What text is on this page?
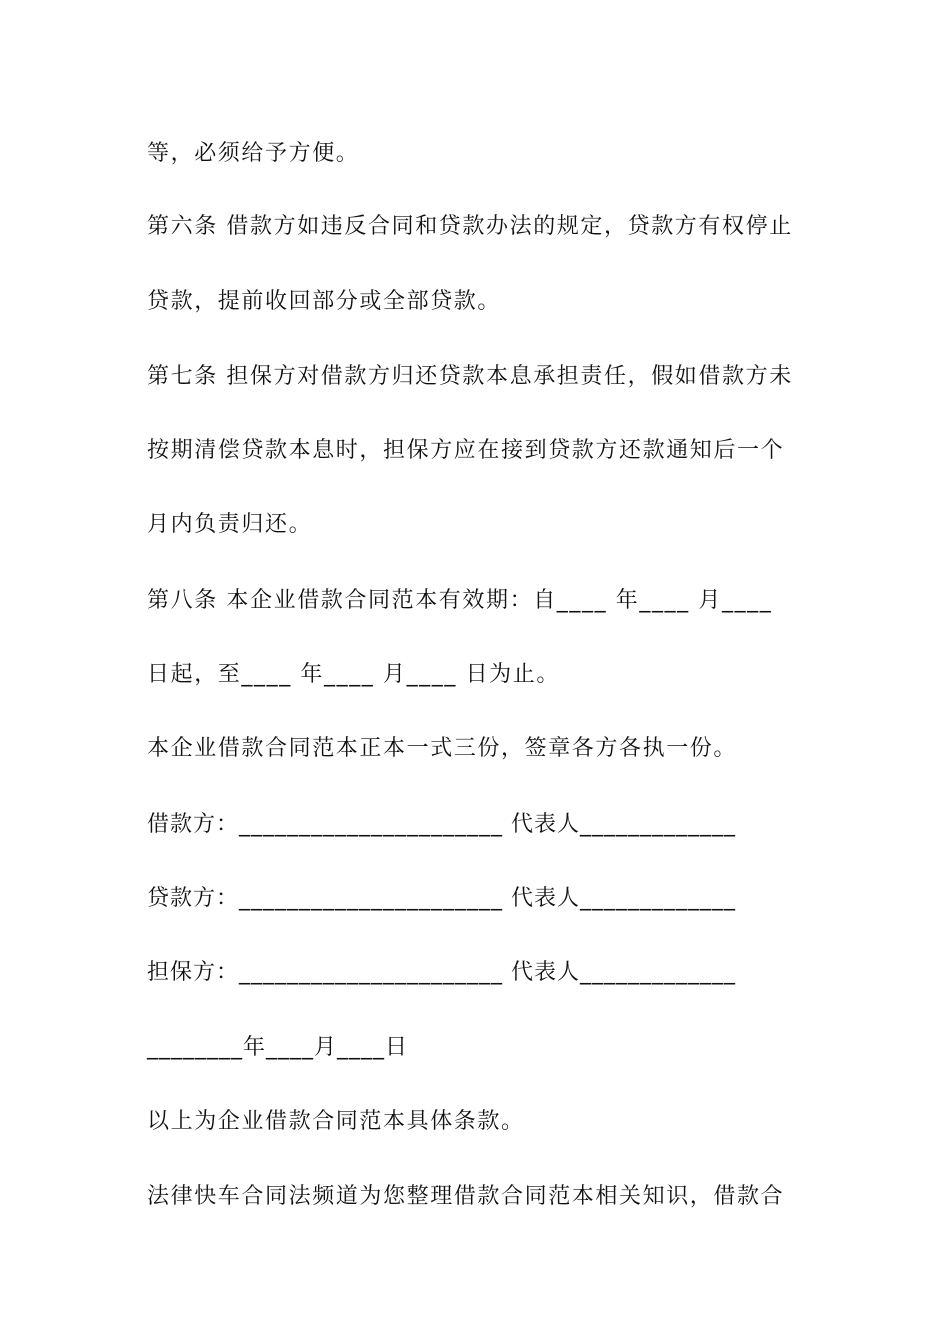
等，必须给予方便。
第六条 借款方如违反合同和贷款办法的规定，贷款方有权停止
贷款，提前收回部分或全部贷款。
第七条 担保方对借款方归还贷款本息承担责任，假如借款方未
按期清偿贷款本息时，担保方应在接到贷款方还款通知后一个
月内负责归还。
第八条 本企业借款合同范本有效期：自____ 年____ 月____
日起，至____ 年____ 月____ 日为止。
本企业借款合同范本正本一式三份，签章各方各执一份。
借款方：______________________ 代表人_____________
贷款方：______________________ 代表人_____________
担保方：______________________ 代表人_____________
________年____月____日
以上为企业借款合同范本具体条款。
法律快车合同法频道为您整理借款合同范本相关知识，借款合
